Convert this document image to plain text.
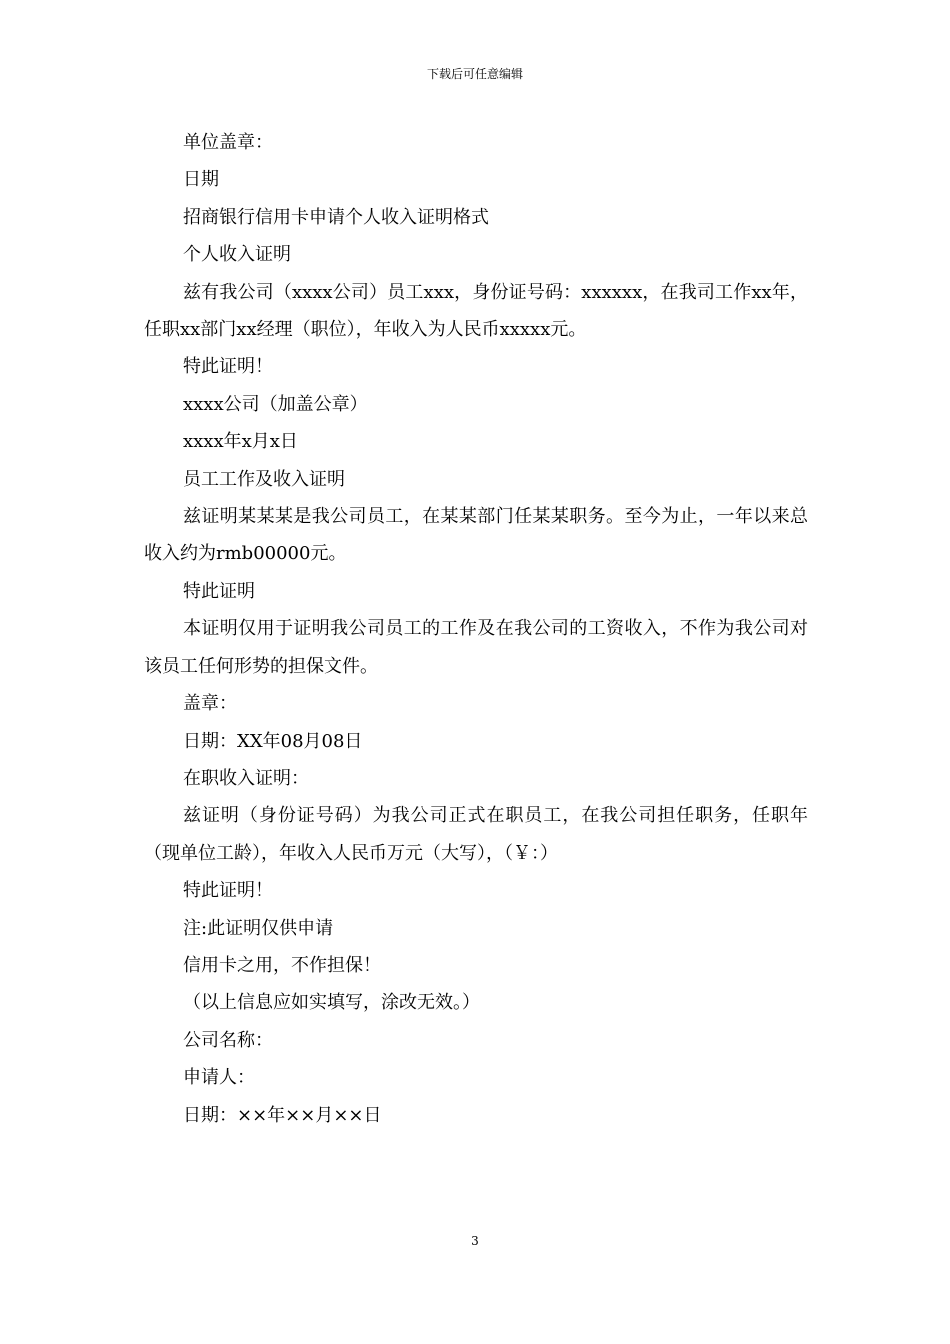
下载后可任意编辑

单位盖章：

日期

招商银行信用卡申请个人收入证明格式

个人收入证明

兹有我公司（xxxx公司）员工xxx，身份证号码：xxxxxx，在我司工作xx年，任职xx部门xx经理（职位），年收入为人民币xxxxx元。

特此证明！

xxxx公司（加盖公章）

xxxx年x月x日

员工工作及收入证明

兹证明某某某是我公司员工，在某某部门任某某职务。至今为止，一年以来总收入约为rmb00000元。

特此证明

本证明仅用于证明我公司员工的工作及在我公司的工资收入，不作为我公司对该员工任何形势的担保文件。

盖章：

日期：XX年08月08日

在职收入证明：

兹证明（身份证号码）为我公司正式在职员工，在我公司担任职务，任职年（现单位工龄），年收入人民币万元（大写），（￥：）

特此证明！

注:此证明仅供申请

信用卡之用，不作担保！

（以上信息应如实填写，涂改无效。）

公司名称：

申请人：

日期：××年××月××日

3
